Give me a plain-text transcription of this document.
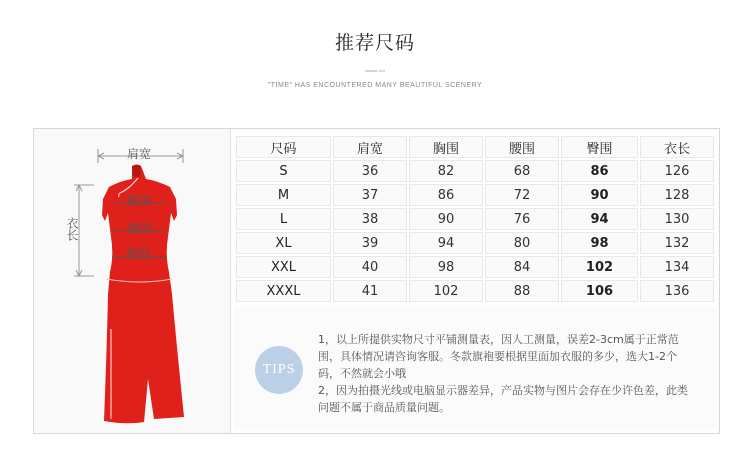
推荐尺码
MISSING YOU
"TIME" HAS ENCOUNTERED MANY BEAUTIFUL SCENERY
肩宽
衣长
胸围
腰围
臀围
尺码	肩宽	胸围	腰围	臀围	衣长
S	36	82	68	86	126
M	37	86	72	90	128
L	38	90	76	94	130
XL	39	94	80	98	132
XXL	40	98	84	102	134
XXXL	41	102	88	106	136
TIPS

1，以上所提供实物尺寸平铺测量表，因人工测量，误差2-3cm属于正常范围，具体情况请咨询客服。冬款旗袍要根据里面加衣服的多少，选大1-2个码，不然就会小哦

2，因为拍摄光线或电脑显示器差异，产品实物与图片会存在少许色差，此类问题不属于商品质量问题。
